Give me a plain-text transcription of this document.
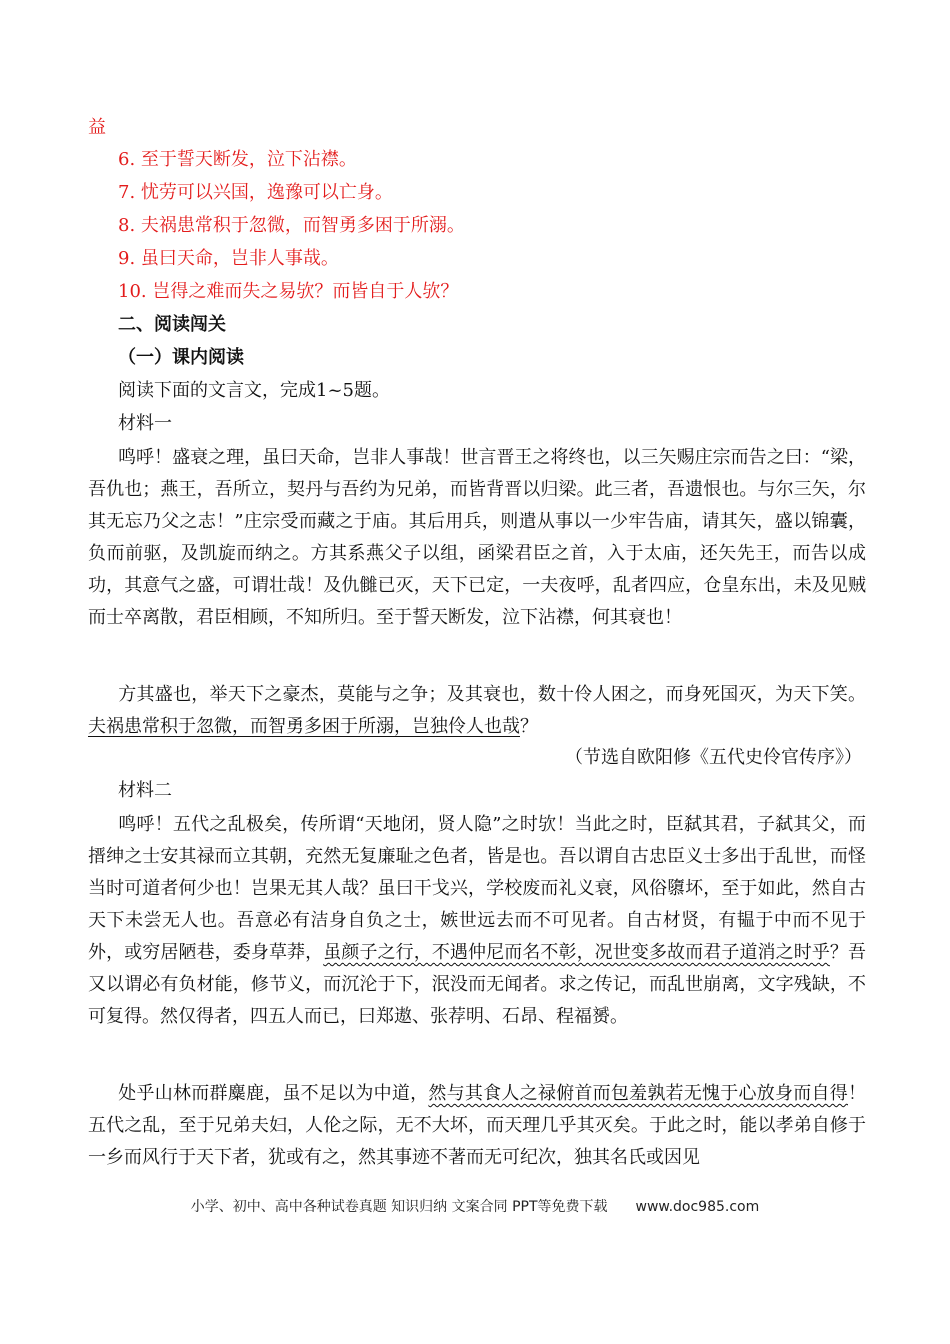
益
6. 至于誓天断发，泣下沾襟。
7. 忧劳可以兴国，逸豫可以亡身。
8. 夫祸患常积于忽微，而智勇多困于所溺。
9. 虽曰天命，岂非人事哉。
10. 岂得之难而失之易欤？而皆自于人欤？
二、阅读闯关
（一）课内阅读
阅读下面的文言文，完成1~5题。
材料一
鸣呼！盛衰之理，虽曰天命，岂非人事哉！世言晋王之将终也，以三矢赐庄宗而告之曰：“梁，吾仇也；燕王，吾所立，契丹与吾约为兄弟，而皆背晋以归梁。此三者，吾遗恨也。与尔三矢，尔其无忘乃父之志！”庄宗受而藏之于庙。其后用兵，则遣从事以一少牢告庙，请其矢，盛以锦囊，负而前驱，及凯旋而纳之。方其系燕父子以组，函梁君臣之首，入于太庙，还矢先王，而告以成功，其意气之盛，可谓壮哉！及仇雠已灭，天下已定，一夫夜呼，乱者四应，仓皇东出，未及见贼而士卒离散，君臣相顾，不知所归。至于誓天断发，泣下沾襟，何其衰也！
方其盛也，举天下之豪杰，莫能与之争；及其衰也，数十伶人困之，而身死国灭，为天下笑。夫祸患常积于忽微，而智勇多困于所溺，岂独伶人也哉？
（节选自欧阳修《五代史伶官传序》）
材料二
鸣呼！五代之乱极矣，传所谓“天地闭，贤人隐”之时欤！当此之时，臣弑其君，子弑其父，而搢绅之士安其禄而立其朝，充然无复廉耻之色者，皆是也。吾以谓自古忠臣义士多出于乱世，而怪当时可道者何少也！岂果无其人哉？虽曰干戈兴，学校废而礼义衰，风俗隳坏，至于如此，然自古天下未尝无人也。吾意必有洁身自负之士，嫉世远去而不可见者。自古材贤，有韫于中而不见于外，或穷居陋巷，委身草莽，虽颜子之行，不遇仲尼而名不彰，况世变多故而君子道消之时乎？吾又以谓必有负材能，修节义，而沉沦于下，泯没而无闻者。求之传记，而乱世崩离，文字残缺，不可复得。然仅得者，四五人而已，曰郑遨、张荐明、石昂、程福赟。
处乎山林而群麋鹿，虽不足以为中道，然与其食人之禄俯首而包羞孰若无愧于心放身而自得！五代之乱，至于兄弟夫妇，人伦之际，无不大坏，而天理几乎其灭矣。于此之时，能以孝弟自修于一乡而风行于天下者，犹或有之，然其事迹不著而无可纪次，独其名氏或因见
小学、初中、高中各种试卷真题 知识归纳 文案合同 PPT等免费下载 www.doc985.com
